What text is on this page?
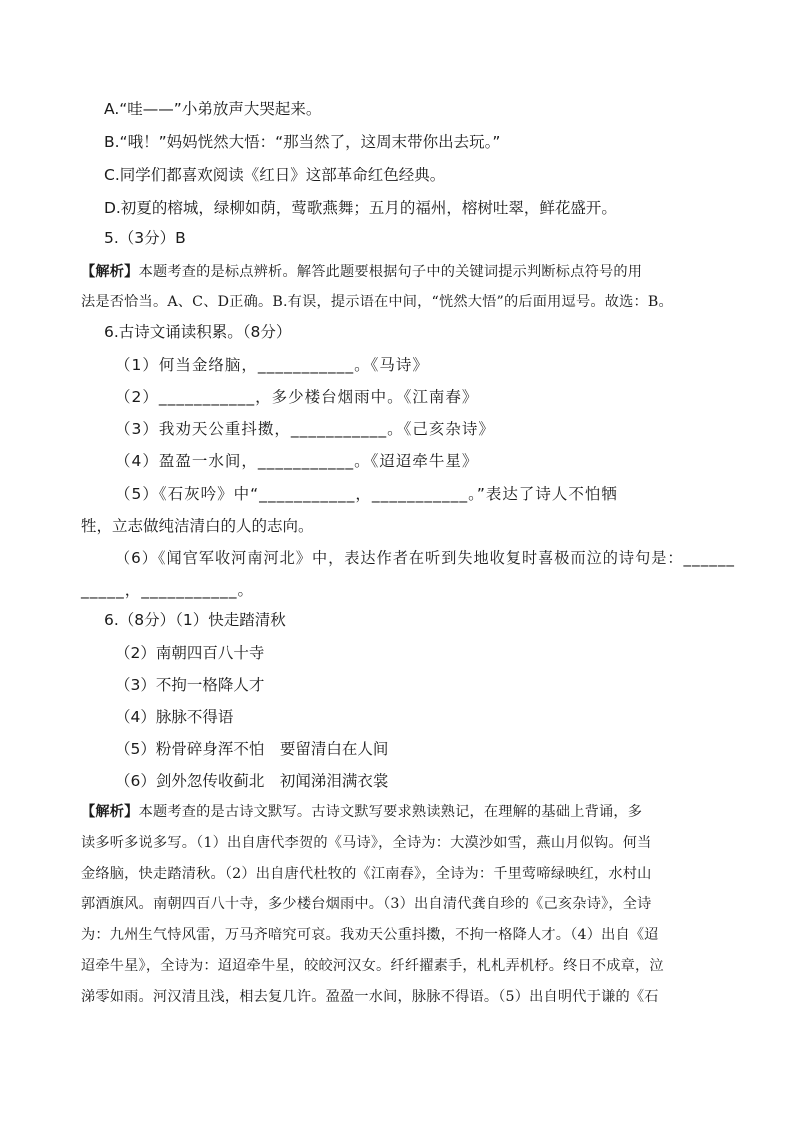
A.“哇——”小弟放声大哭起来。
B.“哦！”妈妈恍然大悟：“那当然了，这周末带你出去玩。”
C.同学们都喜欢阅读《红日》这部革命红色经典。
D.初夏的榕城，绿柳如荫，莺歌燕舞；五月的福州，榕树吐翠，鲜花盛开。
5.（3分）B
【解析】本题考查的是标点辨析。解答此题要根据句子中的关键词提示判断标点符号的用
法是否恰当。A、C、D正确。B.有误，提示语在中间，“恍然大悟”的后面用逗号。故选：B。
6.古诗文诵读积累。（8分）
（1）何当金络脑，___________。《马诗》
（2）___________，多少楼台烟雨中。《江南春》
（3）我劝天公重抖擞，___________。《己亥杂诗》
（4）盈盈一水间，___________。《迢迢牵牛星》
（5）《石灰吟》中“___________，___________。”表达了诗人不怕牺
牲，立志做纯洁清白的人的志向。
（6）《闻官军收河南河北》中，表达作者在听到失地收复时喜极而泣的诗句是：______
_____，___________。
6.（8分）（1）快走踏清秋
（2）南朝四百八十寺
（3）不拘一格降人才
（4）脉脉不得语
（5）粉骨碎身浑不怕　要留清白在人间
（6）剑外忽传收蓟北　初闻涕泪满衣裳
【解析】本题考查的是古诗文默写。古诗文默写要求熟读熟记，在理解的基础上背诵，多
读多听多说多写。（1）出自唐代李贺的《马诗》，全诗为：大漠沙如雪，燕山月似钩。何当
金络脑，快走踏清秋。（2）出自唐代杜牧的《江南春》，全诗为：千里莺啼绿映红，水村山
郭酒旗风。南朝四百八十寺，多少楼台烟雨中。（3）出自清代龚自珍的《己亥杂诗》，全诗
为：九州生气恃风雷，万马齐喑究可哀。我劝天公重抖擞，不拘一格降人才。（4）出自《迢
迢牵牛星》，全诗为：迢迢牵牛星，皎皎河汉女。纤纤擢素手，札札弄机杼。终日不成章，泣
涕零如雨。河汉清且浅，相去复几许。盈盈一水间，脉脉不得语。（5）出自明代于谦的《石
